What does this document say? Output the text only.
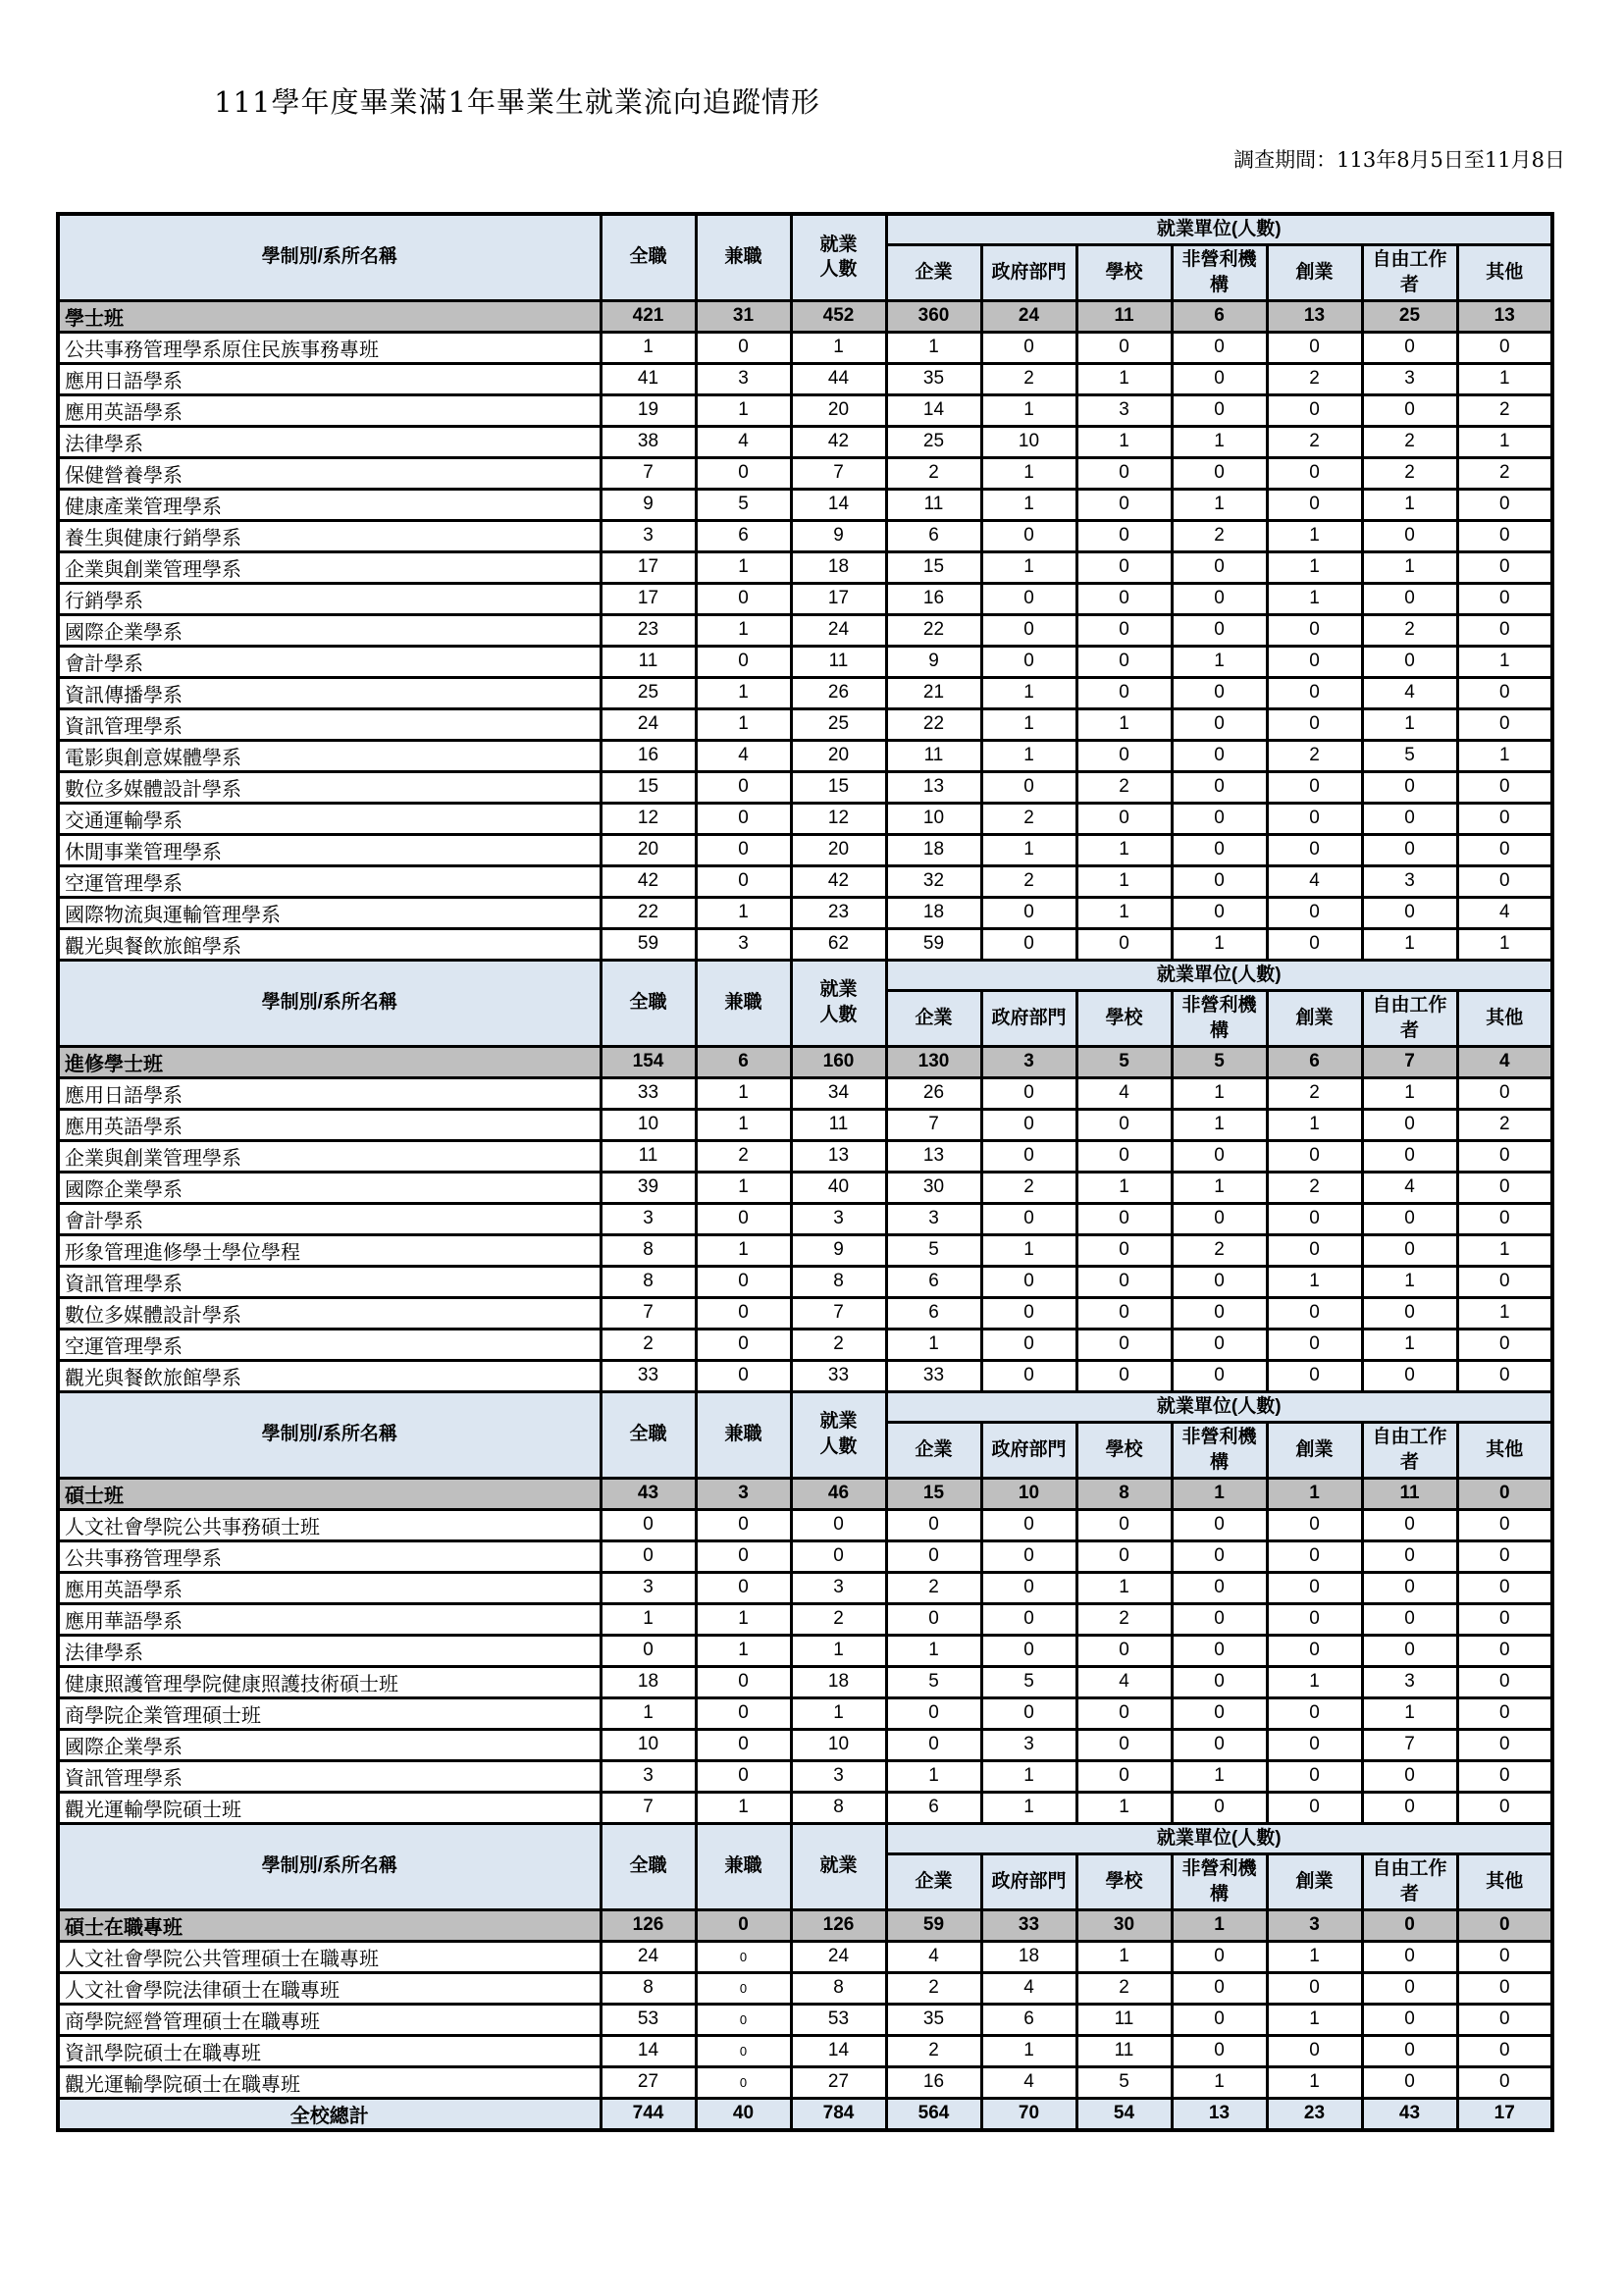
111學年度畢業滿1年畢業生就業流向追蹤情形
調查期間：113年8月5日至11月8日
學制別/系所名稱	全職	兼職	就業
人數	就業單位(人數)						
				企業	政府部門	學校	非營利機構	創業	自由工作者	其他
學士班	421	31	452	360	24	11	6	13	25	13
公共事務管理學系原住民族事務專班	1	0	1	1	0	0	0	0	0	0
應用日語學系	41	3	44	35	2	1	0	2	3	1
應用英語學系	19	1	20	14	1	3	0	0	0	2
法律學系	38	4	42	25	10	1	1	2	2	1
保健營養學系	7	0	7	2	1	0	0	0	2	2
健康產業管理學系	9	5	14	11	1	0	1	0	1	0
養生與健康行銷學系	3	6	9	6	0	0	2	1	0	0
企業與創業管理學系	17	1	18	15	1	0	0	1	1	0
行銷學系	17	0	17	16	0	0	0	1	0	0
國際企業學系	23	1	24	22	0	0	0	0	2	0
會計學系	11	0	11	9	0	0	1	0	0	1
資訊傳播學系	25	1	26	21	1	0	0	0	4	0
資訊管理學系	24	1	25	22	1	1	0	0	1	0
電影與創意媒體學系	16	4	20	11	1	0	0	2	5	1
數位多媒體設計學系	15	0	15	13	0	2	0	0	0	0
交通運輸學系	12	0	12	10	2	0	0	0	0	0
休閒事業管理學系	20	0	20	18	1	1	0	0	0	0
空運管理學系	42	0	42	32	2	1	0	4	3	0
國際物流與運輸管理學系	22	1	23	18	0	1	0	0	0	4
觀光與餐飲旅館學系	59	3	62	59	0	0	1	0	1	1
學制別/系所名稱	全職	兼職	就業
人數	就業單位(人數)						
				企業	政府部門	學校	非營利機構	創業	自由工作者	其他
進修學士班	154	6	160	130	3	5	5	6	7	4
應用日語學系	33	1	34	26	0	4	1	2	1	0
應用英語學系	10	1	11	7	0	0	1	1	0	2
企業與創業管理學系	11	2	13	13	0	0	0	0	0	0
國際企業學系	39	1	40	30	2	1	1	2	4	0
會計學系	3	0	3	3	0	0	0	0	0	0
形象管理進修學士學位學程	8	1	9	5	1	0	2	0	0	1
資訊管理學系	8	0	8	6	0	0	0	1	1	0
數位多媒體設計學系	7	0	7	6	0	0	0	0	0	1
空運管理學系	2	0	2	1	0	0	0	0	1	0
觀光與餐飲旅館學系	33	0	33	33	0	0	0	0	0	0
學制別/系所名稱	全職	兼職	就業
人數	就業單位(人數)						
				企業	政府部門	學校	非營利機構	創業	自由工作者	其他
碩士班	43	3	46	15	10	8	1	1	11	0
人文社會學院公共事務碩士班	0	0	0	0	0	0	0	0	0	0
公共事務管理學系	0	0	0	0	0	0	0	0	0	0
應用英語學系	3	0	3	2	0	1	0	0	0	0
應用華語學系	1	1	2	0	0	2	0	0	0	0
法律學系	0	1	1	1	0	0	0	0	0	0
健康照護管理學院健康照護技術碩士班	18	0	18	5	5	4	0	1	3	0
商學院企業管理碩士班	1	0	1	0	0	0	0	0	1	0
國際企業學系	10	0	10	0	3	0	0	0	7	0
資訊管理學系	3	0	3	1	1	0	1	0	0	0
觀光運輸學院碩士班	7	1	8	6	1	1	0	0	0	0
學制別/系所名稱	全職	兼職	就業	就業單位(人數)						
				企業	政府部門	學校	非營利機構	創業	自由工作者	其他
碩士在職專班	126	0	126	59	33	30	1	3	0	0
人文社會學院公共管理碩士在職專班	24	0	24	4	18	1	0	1	0	0
人文社會學院法律碩士在職專班	8	0	8	2	4	2	0	0	0	0
商學院經營管理碩士在職專班	53	0	53	35	6	11	0	1	0	0
資訊學院碩士在職專班	14	0	14	2	1	11	0	0	0	0
觀光運輸學院碩士在職專班	27	0	27	16	4	5	1	1	0	0
全校總計	744	40	784	564	70	54	13	23	43	17
